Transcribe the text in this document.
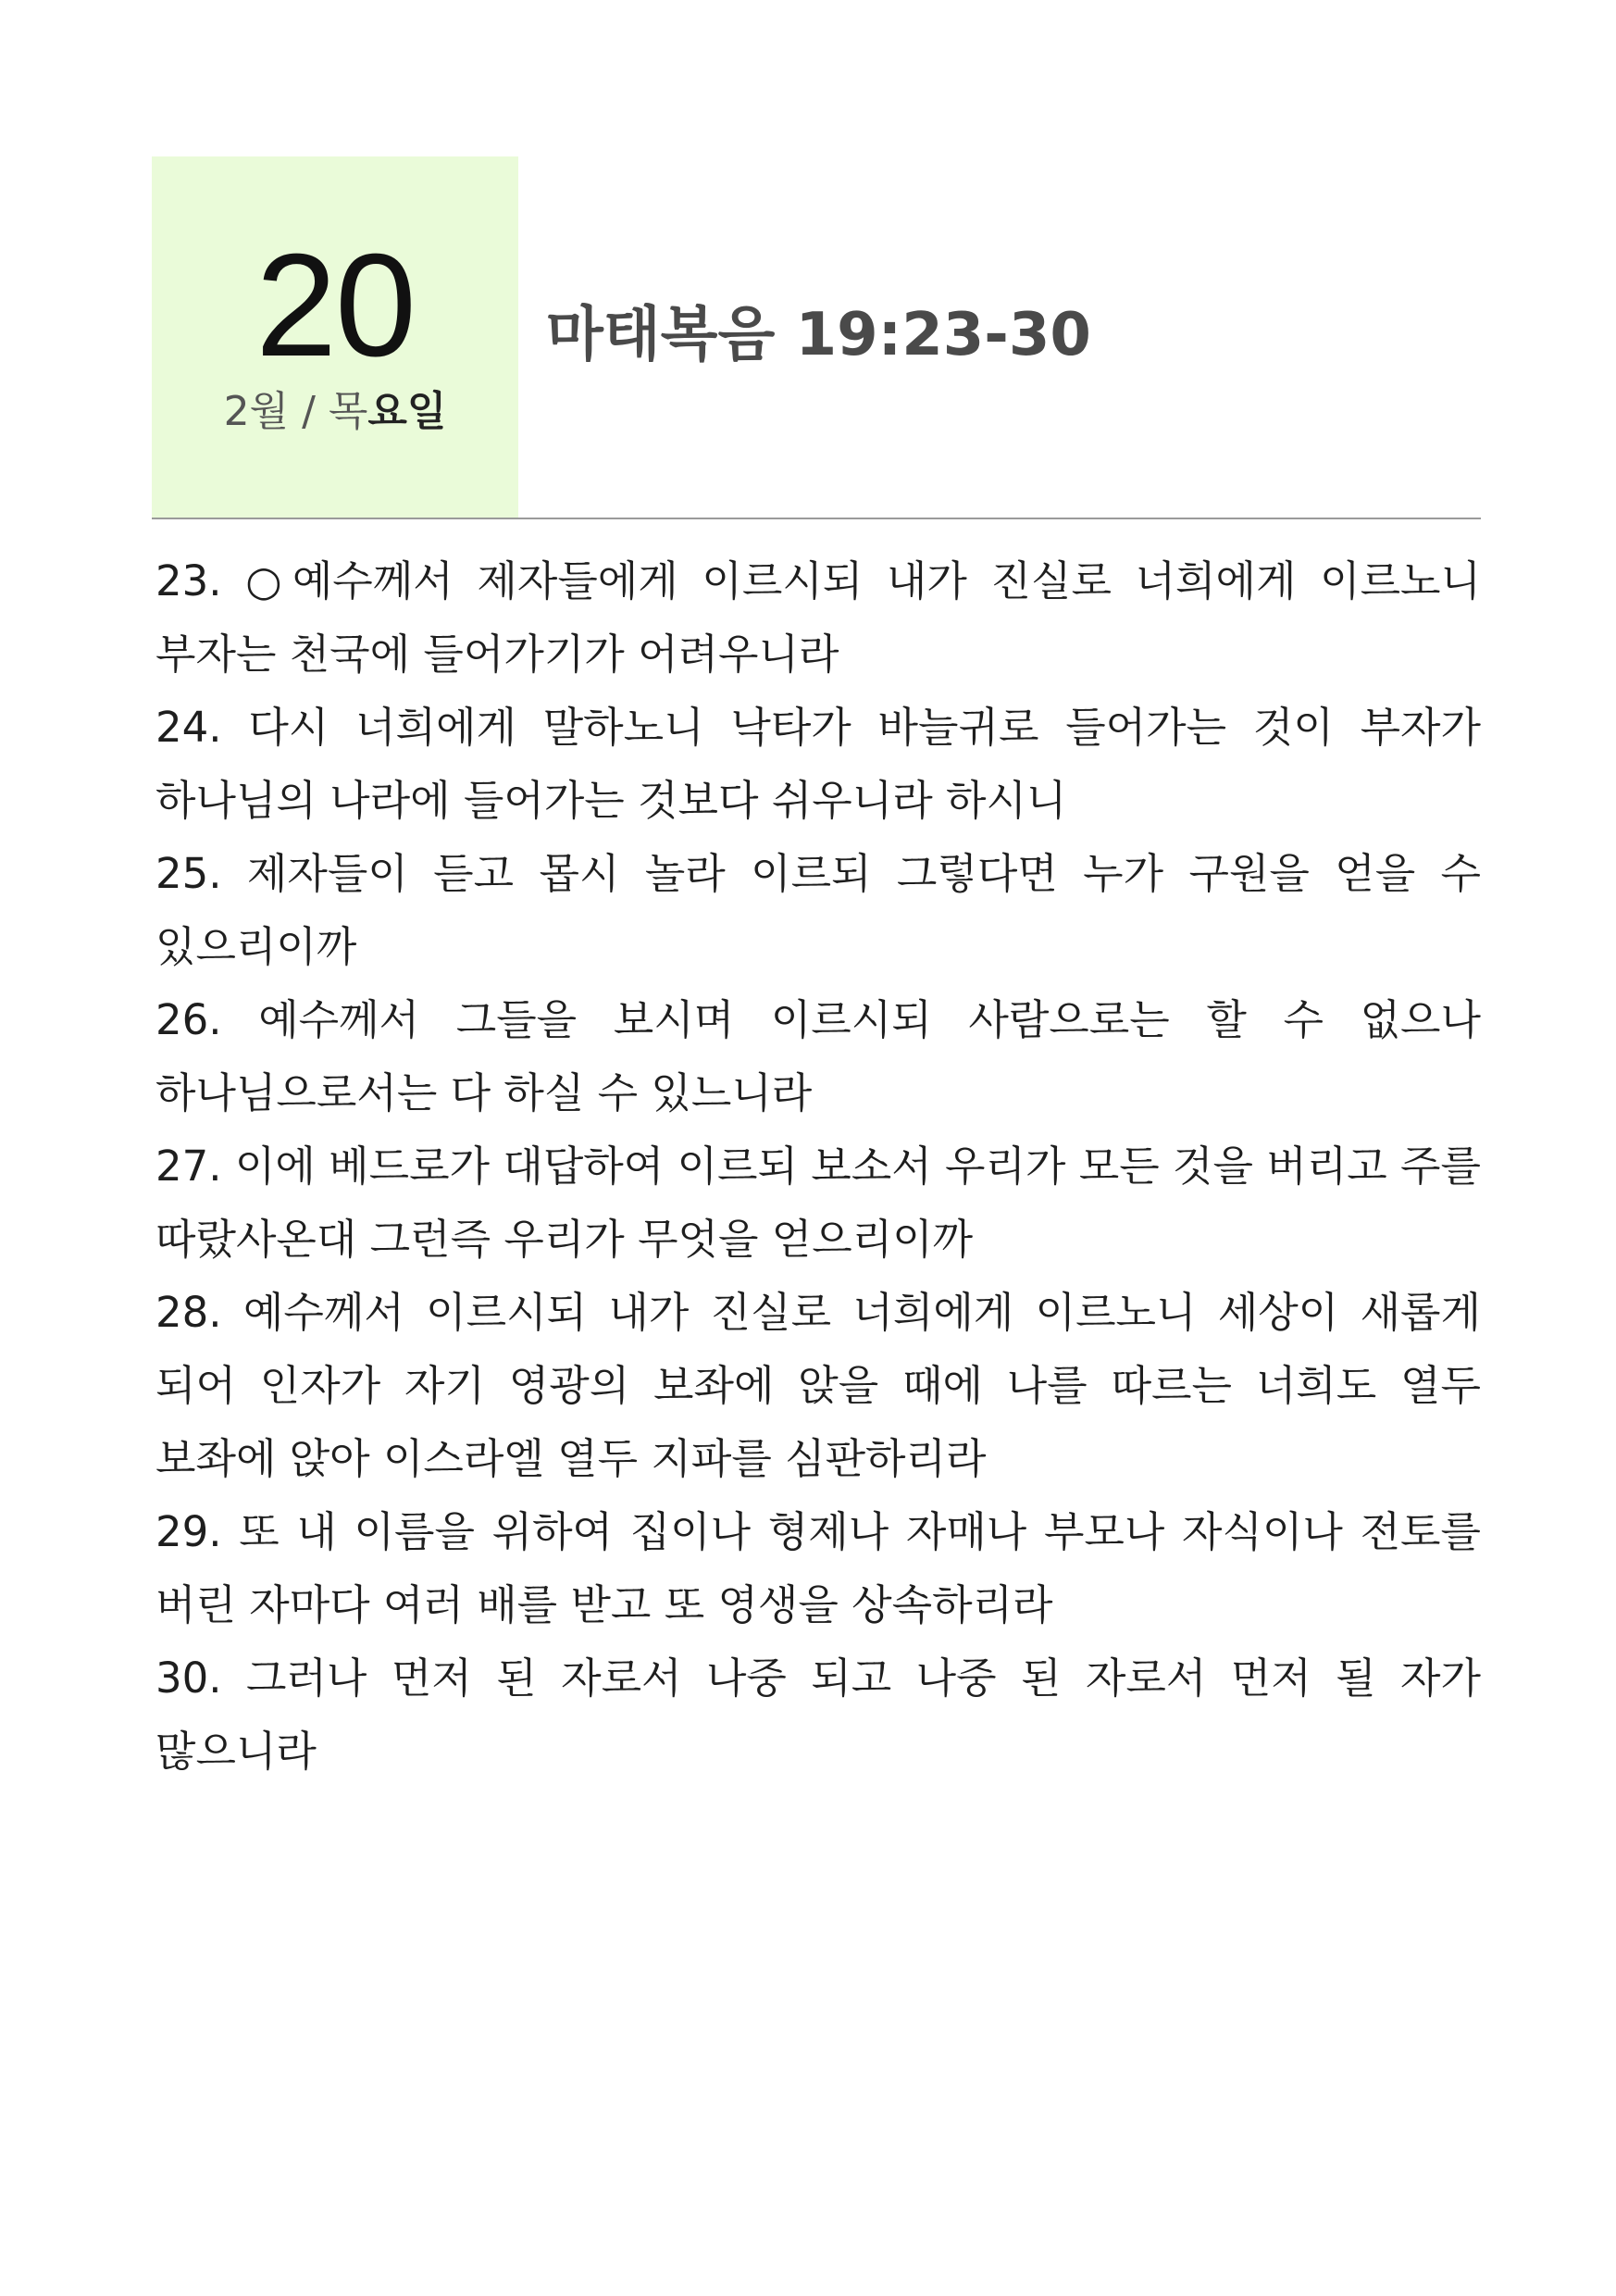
20
2월 / 목요일
마태복음 19:23-30

23. ○예수께서 제자들에게 이르시되 내가 진실로 너희에게 이르노니 부자는 천국에 들어가기가 어려우니라

24. 다시 너희에게 말하노니 낙타가 바늘귀로 들어가는 것이 부자가 하나님의 나라에 들어가는 것보다 쉬우니라 하시니

25. 제자들이 듣고 몹시 놀라 이르되 그렇다면 누가 구원을 얻을 수 있으리이까

26. 예수께서 그들을 보시며 이르시되 사람으로는 할 수 없으나 하나님으로서는 다 하실 수 있느니라

27. 이에 베드로가 대답하여 이르되 보소서 우리가 모든 것을 버리고 주를 따랐사온대 그런즉 우리가 무엇을 얻으리이까

28. 예수께서 이르시되 내가 진실로 너희에게 이르노니 세상이 새롭게 되어 인자가 자기 영광의 보좌에 앉을 때에 나를 따르는 너희도 열두 보좌에 앉아 이스라엘 열두 지파를 심판하리라

29. 또 내 이름을 위하여 집이나 형제나 자매나 부모나 자식이나 전토를 버린 자마다 여러 배를 받고 또 영생을 상속하리라

30. 그러나 먼저 된 자로서 나중 되고 나중 된 자로서 먼저 될 자가 많으니라
